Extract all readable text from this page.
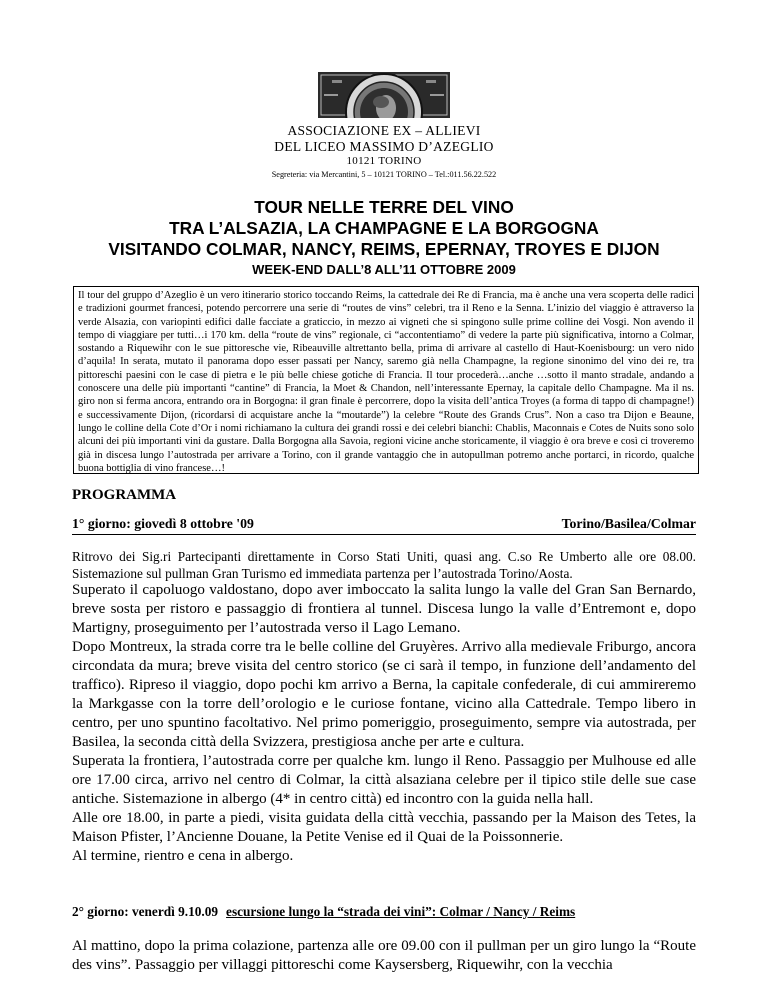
ASSOCIAZIONE EX – ALLIEVI
DEL LICEO MASSIMO D’AZEGLIO
10121 TORINO
Segreteria: via Mercantini, 5 – 10121 TORINO – Tel.:011.56.22.522
TOUR NELLE TERRE DEL VINO
TRA L’ALSAZIA, LA CHAMPAGNE E LA BORGOGNA
VISITANDO COLMAR, NANCY, REIMS, EPERNAY, TROYES E DIJON
WEEK-END DALL’8 ALL’11 OTTOBRE 2009
Il tour del gruppo d’Azeglio è un vero itinerario storico toccando Reims, la cattedrale dei Re di Francia, ma è anche una vera scoperta delle radici e tradizioni gourmet francesi, potendo percorrere una serie di “routes de vins” celebri, tra il Reno e la Senna. L’inizio del viaggio è attraverso la verde Alsazia, con variopinti edifici dalle facciate a graticcio, in mezzo ai vigneti che si spingono sulle prime colline dei Vosgi. Non avendo il tempo di viaggiare per tutti…i 170 km. della “route de vins” regionale, ci “accontentiamo” di vedere la parte più significativa, intorno a Colmar, sostando a Riquewihr con le sue pittoresche vie, Ribeauville altrettanto bella, prima di arrivare al castello di Haut-Koenisbourg: un vero nido d’aquila! In serata, mutato il panorama dopo esser passati per Nancy, saremo già nella Champagne, la regione sinonimo del vino dei re, tra pittoreschi paesini con le case di pietra e le più belle chiese gotiche di Francia. Il tour procederà…anche …sotto il manto stradale, andando a conoscere una delle più importanti “cantine” di Francia, la Moet & Chandon, nell’interessante Epernay, la capitale dello Champagne. Ma il ns. giro non si ferma ancora, entrando ora in Borgogna: il gran finale è percorrere, dopo la visita dell’antica Troyes (a forma di tappo di champagne!) e successivamente Dijon, (ricordarsi di acquistare anche la “moutarde”) la celebre “Route des Grands Crus”. Non a caso tra Dijon e Beaune, lungo le colline della Cote d’Or i nomi richiamano la cultura dei grandi rossi e dei celebri bianchi: Chablis, Maconnais e Cotes de Nuits sono solo alcuni dei più importanti vini da gustare. Dalla Borgogna alla Savoia, regioni vicine anche storicamente, il viaggio è ora breve e così ci troveremo già in discesa lungo l’autostrada per arrivare a Torino, con il grande vantaggio che in autopullman potremo anche portarci, in ricordo, qualche buona bottiglia di vino francese…!
PROGRAMMA
1° giorno: giovedì 8 ottobre '09	Torino/Basilea/Colmar
Ritrovo dei Sig.ri Partecipanti direttamente in Corso Stati Uniti, quasi ang. C.so Re Umberto alle ore 08.00. Sistemazione sul pullman Gran Turismo ed immediata partenza per l’autostrada Torino/Aosta.

Superato il capoluogo valdostano, dopo aver imboccato la salita lungo la valle del Gran San Bernardo, breve sosta per ristoro e passaggio di frontiera al tunnel. Discesa lungo la valle d’Entremont e, dopo Martigny, proseguimento per l’autostrada verso il Lago Lemano.

Dopo Montreux, la strada corre tra le belle colline del Gruyères. Arrivo alla medievale Friburgo, ancora circondata da mura; breve visita del centro storico (se ci sarà il tempo, in funzione dell’andamento del traffico). Ripreso il viaggio, dopo pochi km arrivo a Berna, la capitale confederale, di cui ammireremo la Markgasse con la torre dell’orologio e le curiose fontane, vicino alla Cattedrale. Tempo libero in centro, per uno spuntino facoltativo. Nel primo pomeriggio, proseguimento, sempre via autostrada, per Basilea, la seconda città della Svizzera, prestigiosa anche per arte e cultura.

Superata la frontiera, l’autostrada corre per qualche km. lungo il Reno. Passaggio per Mulhouse ed alle ore 17.00 circa, arrivo nel centro di Colmar, la città alsaziana celebre per il tipico stile delle sue case antiche. Sistemazione in albergo (4* in centro città) ed incontro con la guida nella hall.

Alle ore 18.00, in parte a piedi, visita guidata della città vecchia, passando per la Maison des Tetes, la Maison Pfister, l’Ancienne Douane, la Petite Venise ed il Quai de la Poissonnerie.

Al termine, rientro e cena in albergo.

2° giorno: venerdì 9.10.09 escursione lungo la “strada dei vini”: Colmar / Nancy / Reims
Al mattino, dopo la prima colazione, partenza alle ore 09.00 con il pullman per un giro lungo la “Route des vins”. Passaggio per villaggi pittoreschi come Kaysersberg, Riquewihr, con la vecchia
